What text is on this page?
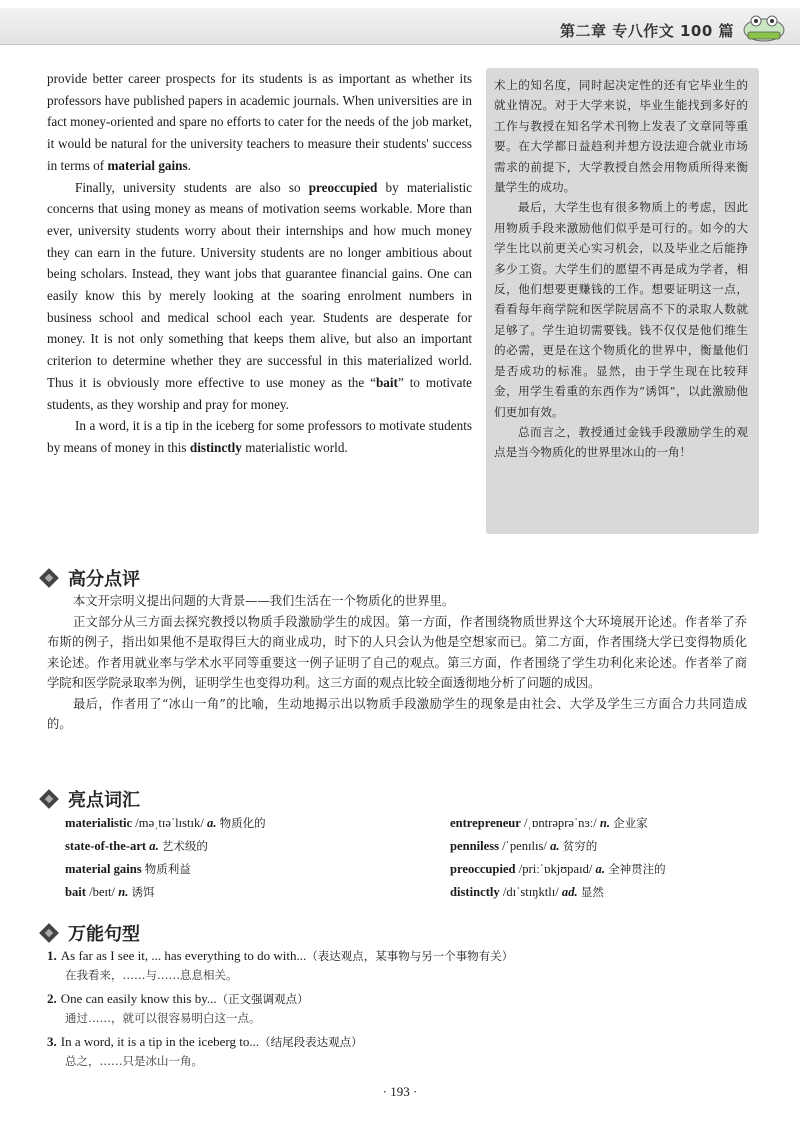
第二章 专八作文 100 篇

provide better career prospects for its students is as important as whether its professors have published papers in academic journals. When universities are in fact money-oriented and spare no efforts to cater for the needs of the job market, it would be natural for the university teachers to measure their students' success in terms of material gains.

Finally, university students are also so preoccupied by materialistic concerns that using money as means of motivation seems workable. More than ever, university students worry about their internships and how much money they can earn in the future. University students are no longer ambitious about being scholars. Instead, they want jobs that guarantee financial gains. One can easily know this by merely looking at the soaring enrolment numbers in business school and medical school each year. Students are desperate for money. It is not only something that keeps them alive, but also an important criterion to determine whether they are successful in this materialized world. Thus it is obviously more effective to use money as the “bait” to motivate students, as they worship and pray for money.

In a word, it is a tip in the iceberg for some professors to motivate students by means of money in this distinctly materialistic world.

术上的知名度，同时起决定性的还有它毕业生的就业情况。对于大学来说，毕业生能找到多好的工作与教授在知名学术刊物上发表了文章同等重要。在大学都日益趋利并想方设法迎合就业市场需求的前提下，大学教授自然会用物质所得来衡量学生的成功。

最后，大学生也有很多物质上的考虑，因此用物质手段来激励他们似乎是可行的。如今的大学生比以前更关心实习机会，以及毕业之后能挣多少工资。大学生们的愿望不再是成为学者，相反，他们想要更赚钱的工作。想要证明这一点，看看每年商学院和医学院居高不下的录取人数就足够了。学生迫切需要钱。钱不仅仅是他们维生的必需，更是在这个物质化的世界中，衡量他们是否成功的标准。显然，由于学生现在比较拜金，用学生看重的东西作为“诱饵”，以此激励他们更加有效。

总而言之，教授通过金钱手段激励学生的观点是当今物质化的世界里冰山的一角！

高分点评

本文开宗明义提出问题的大背景——我们生活在一个物质化的世界里。

正文部分从三方面去探究教授以物质手段激励学生的成因。第一方面，作者围绕物质世界这个大环境展开论述。作者举了乔布斯的例子，指出如果他不是取得巨大的商业成功，时下的人只会认为他是空想家而已。第二方面，作者围绕大学已变得物质化来论述。作者用就业率与学术水平同等重要这一例子证明了自己的观点。第三方面，作者围绕了学生功利化来论述。作者举了商学院和医学院录取率为例，证明学生也变得功利。这三方面的观点比较全面透彻地分析了问题的成因。

最后，作者用了“冰山一角”的比喻，生动地揭示出以物质手段激励学生的现象是由社会、大学及学生三方面合力共同造成的。

亮点词汇
materialistic /məˌtɪəˈlɪstɪk/ a. 物质化的
state-of-the-art a. 艺术级的
material gains 物质利益
bait /beɪt/ n. 诱饵
entrepreneur /ˌɒntrəprəˈnɜː/ n. 企业家
penniless /ˈpenɪlɪs/ a. 贫穷的
preoccupied /priːˈɒkjʊpaɪd/ a. 全神贯注的
distinctly /dɪˈstɪŋktlɪ/ ad. 显然
万能句型
1. As far as I see it, ... has everything to do with...（表达观点，某事物与另一个事物有关）
在我看来，……与……息息相关。
2. One can easily know this by...（正文强调观点）
通过……，就可以很容易明白这一点。
3. In a word, it is a tip in the iceberg to...（结尾段表达观点）
总之，……只是冰山一角。
· 193 ·
